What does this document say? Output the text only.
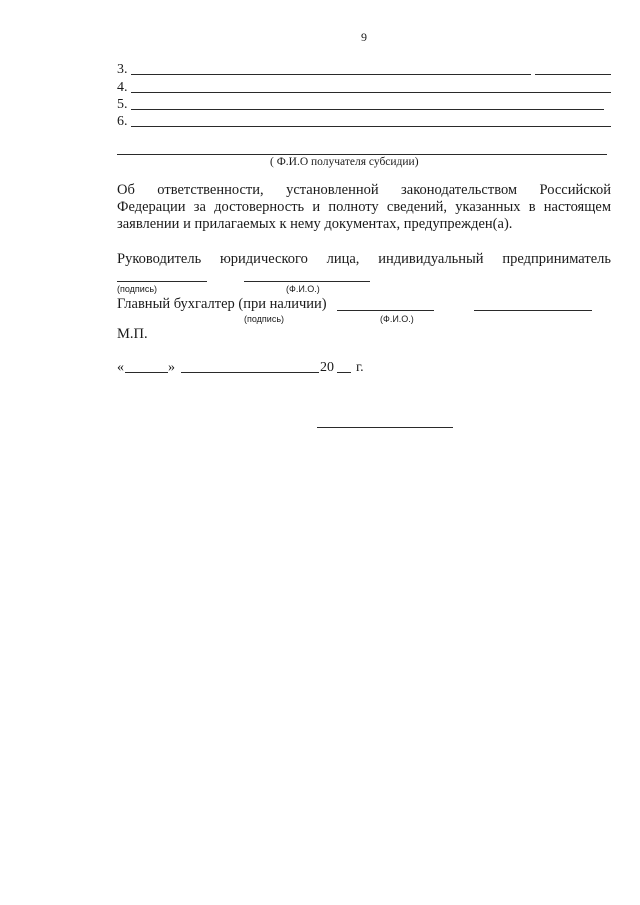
9
3.
4.
5.
6.
( Ф.И.О получателя субсидии)
Об ответственности, установленной законодательством Российской
Федерации за достоверность и полноту сведений, указанных в настоящем
заявлении и прилагаемых к нему документах, предупрежден(а).
Руководитель юридического лица, индивидуальный предприниматель
(подпись)	(Ф.И.О.)
Главный бухгалтер (при наличии)
(подпись)	(Ф.И.О.)
М.П.
«	»	20 г.
